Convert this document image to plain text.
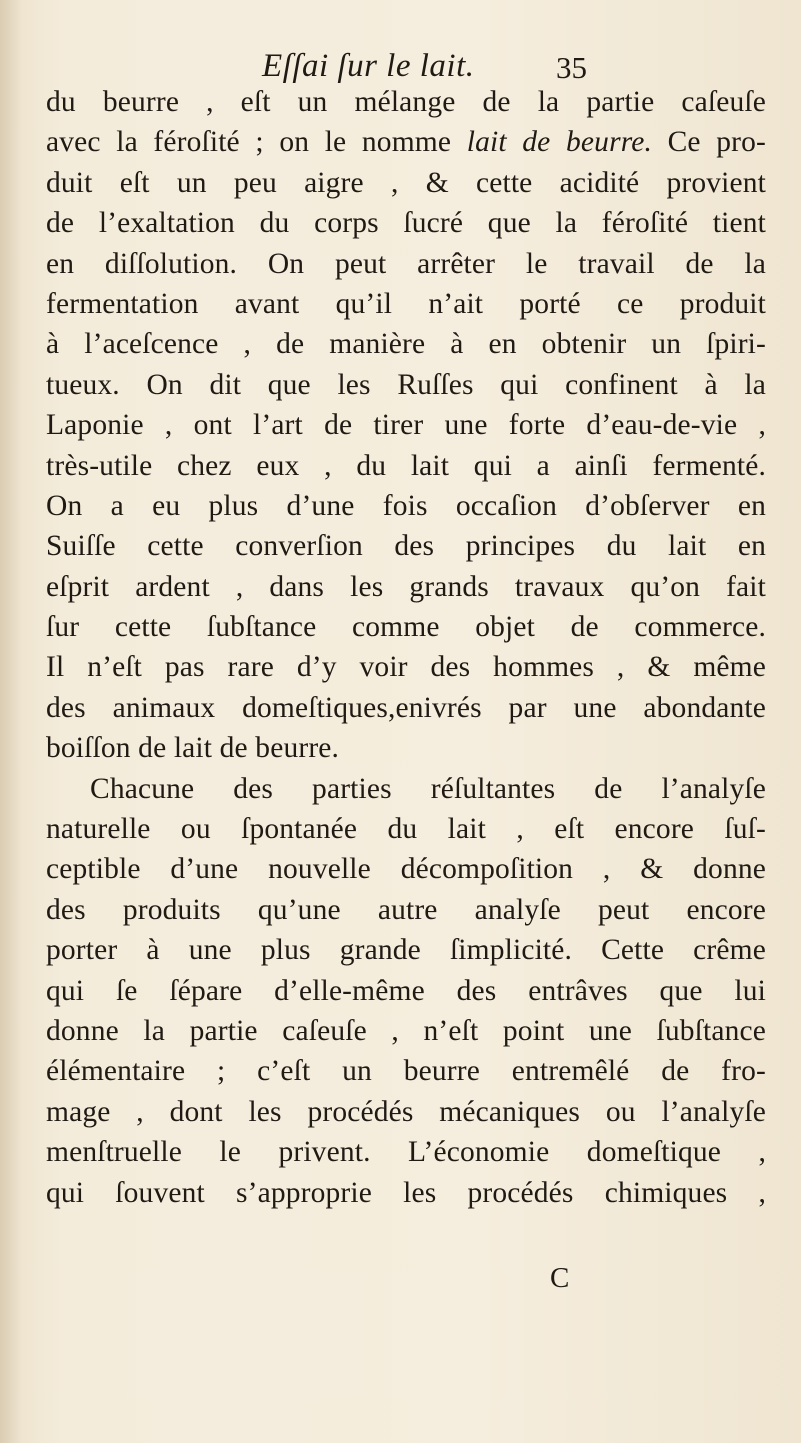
Eſſai ſur le lait.	35
du beurre , eſt un mélange de la partie caſeuſe
avec la féroſité ; on le nomme lait de beurre. Ce pro-
duit eſt un peu aigre , & cette acidité provient
de l’exaltation du corps ſucré que la féroſité tient
en diſſolution. On peut arrêter le travail de la
fermentation avant qu’il n’ait porté ce produit
à l’aceſcence , de manière à en obtenir un ſpiri-
tueux. On dit que les Ruſſes qui confinent à la
Laponie , ont l’art de tirer une forte d’eau-de-vie ,
très-utile chez eux , du lait qui a ainſi fermenté.
On a eu plus d’une fois occaſion d’obſerver en
Suiſſe cette converſion des principes du lait en
eſprit ardent , dans les grands travaux qu’on fait
ſur cette ſubſtance comme objet de commerce.
Il n’eſt pas rare d’y voir des hommes , & même
des animaux domeſtiques,enivrés par une abondante
boiſſon de lait de beurre.
Chacune des parties réſultantes de l’analyſe
naturelle ou ſpontanée du lait , eſt encore ſuſ-
ceptible d’une nouvelle décompoſition , & donne
des produits qu’une autre analyſe peut encore
porter à une plus grande ſimplicité. Cette crême
qui ſe ſépare d’elle-même des entrâves que lui
donne la partie caſeuſe , n’eſt point une ſubſtance
élémentaire ; c’eſt un beurre entremêlé de fro-
mage , dont les procédés mécaniques ou l’analyſe
menſtruelle le privent. L’économie domeſtique ,
qui ſouvent s’approprie les procédés chimiques ,
C
